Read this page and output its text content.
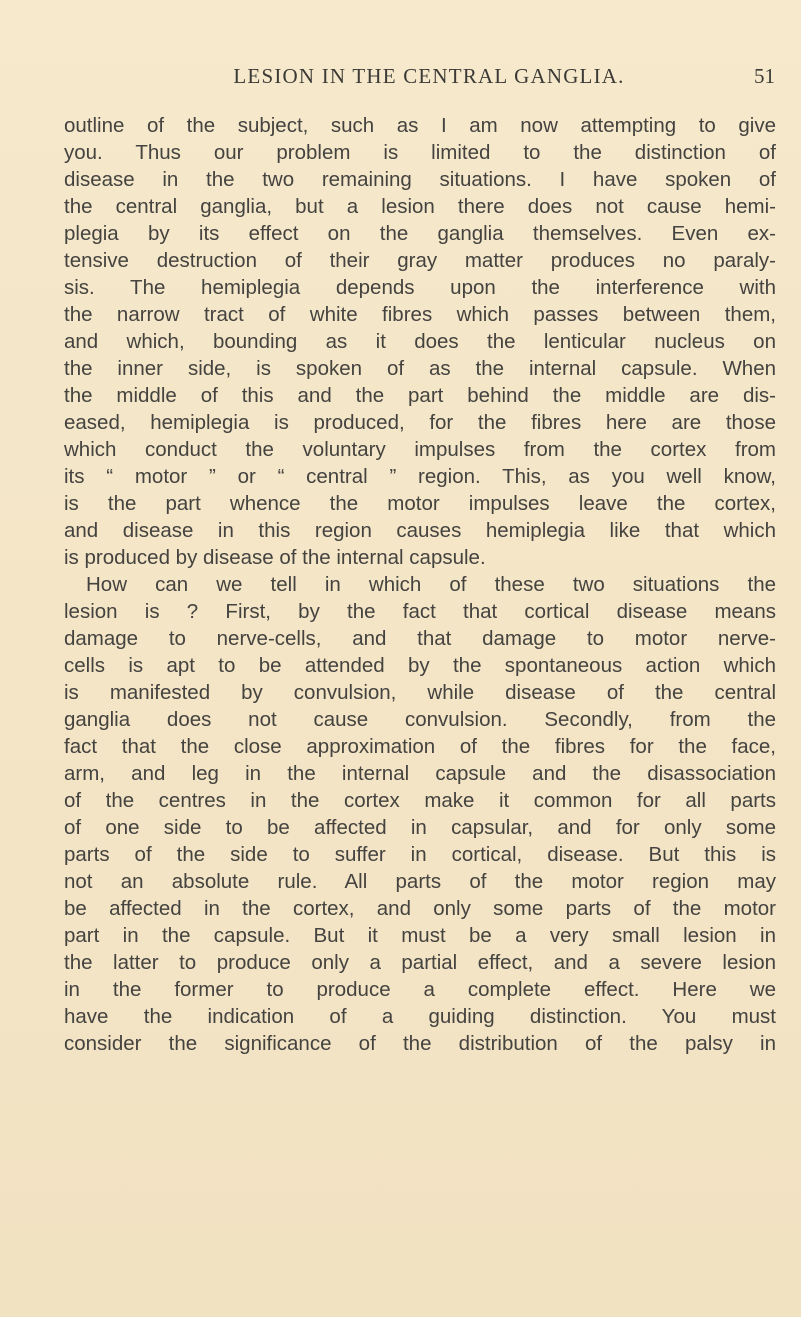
LESION IN THE CENTRAL GANGLIA.	51
outline of the subject, such as I am now attempting to give
you. Thus our problem is limited to the distinction of
disease in the two remaining situations. I have spoken of
the central ganglia, but a lesion there does not cause hemi-
plegia by its effect on the ganglia themselves. Even ex-
tensive destruction of their gray matter produces no paraly-
sis. The hemiplegia depends upon the interference with
the narrow tract of white fibres which passes between them,
and which, bounding as it does the lenticular nucleus on
the inner side, is spoken of as the internal capsule. When
the middle of this and the part behind the middle are dis-
eased, hemiplegia is produced, for the fibres here are those
which conduct the voluntary impulses from the cortex from
its “ motor ” or “ central ” region. This, as you well know,
is the part whence the motor impulses leave the cortex,
and disease in this region causes hemiplegia like that which
is produced by disease of the internal capsule.
How can we tell in which of these two situations the
lesion is ? First, by the fact that cortical disease means
damage to nerve-cells, and that damage to motor nerve-
cells is apt to be attended by the spontaneous action which
is manifested by convulsion, while disease of the central
ganglia does not cause convulsion. Secondly, from the
fact that the close approximation of the fibres for the face,
arm, and leg in the internal capsule and the disassociation
of the centres in the cortex make it common for all parts
of one side to be affected in capsular, and for only some
parts of the side to suffer in cortical, disease. But this is
not an absolute rule. All parts of the motor region may
be affected in the cortex, and only some parts of the motor
part in the capsule. But it must be a very small lesion in
the latter to produce only a partial effect, and a severe lesion
in the former to produce a complete effect. Here we
have the indication of a guiding distinction. You must
consider the significance of the distribution of the palsy in
